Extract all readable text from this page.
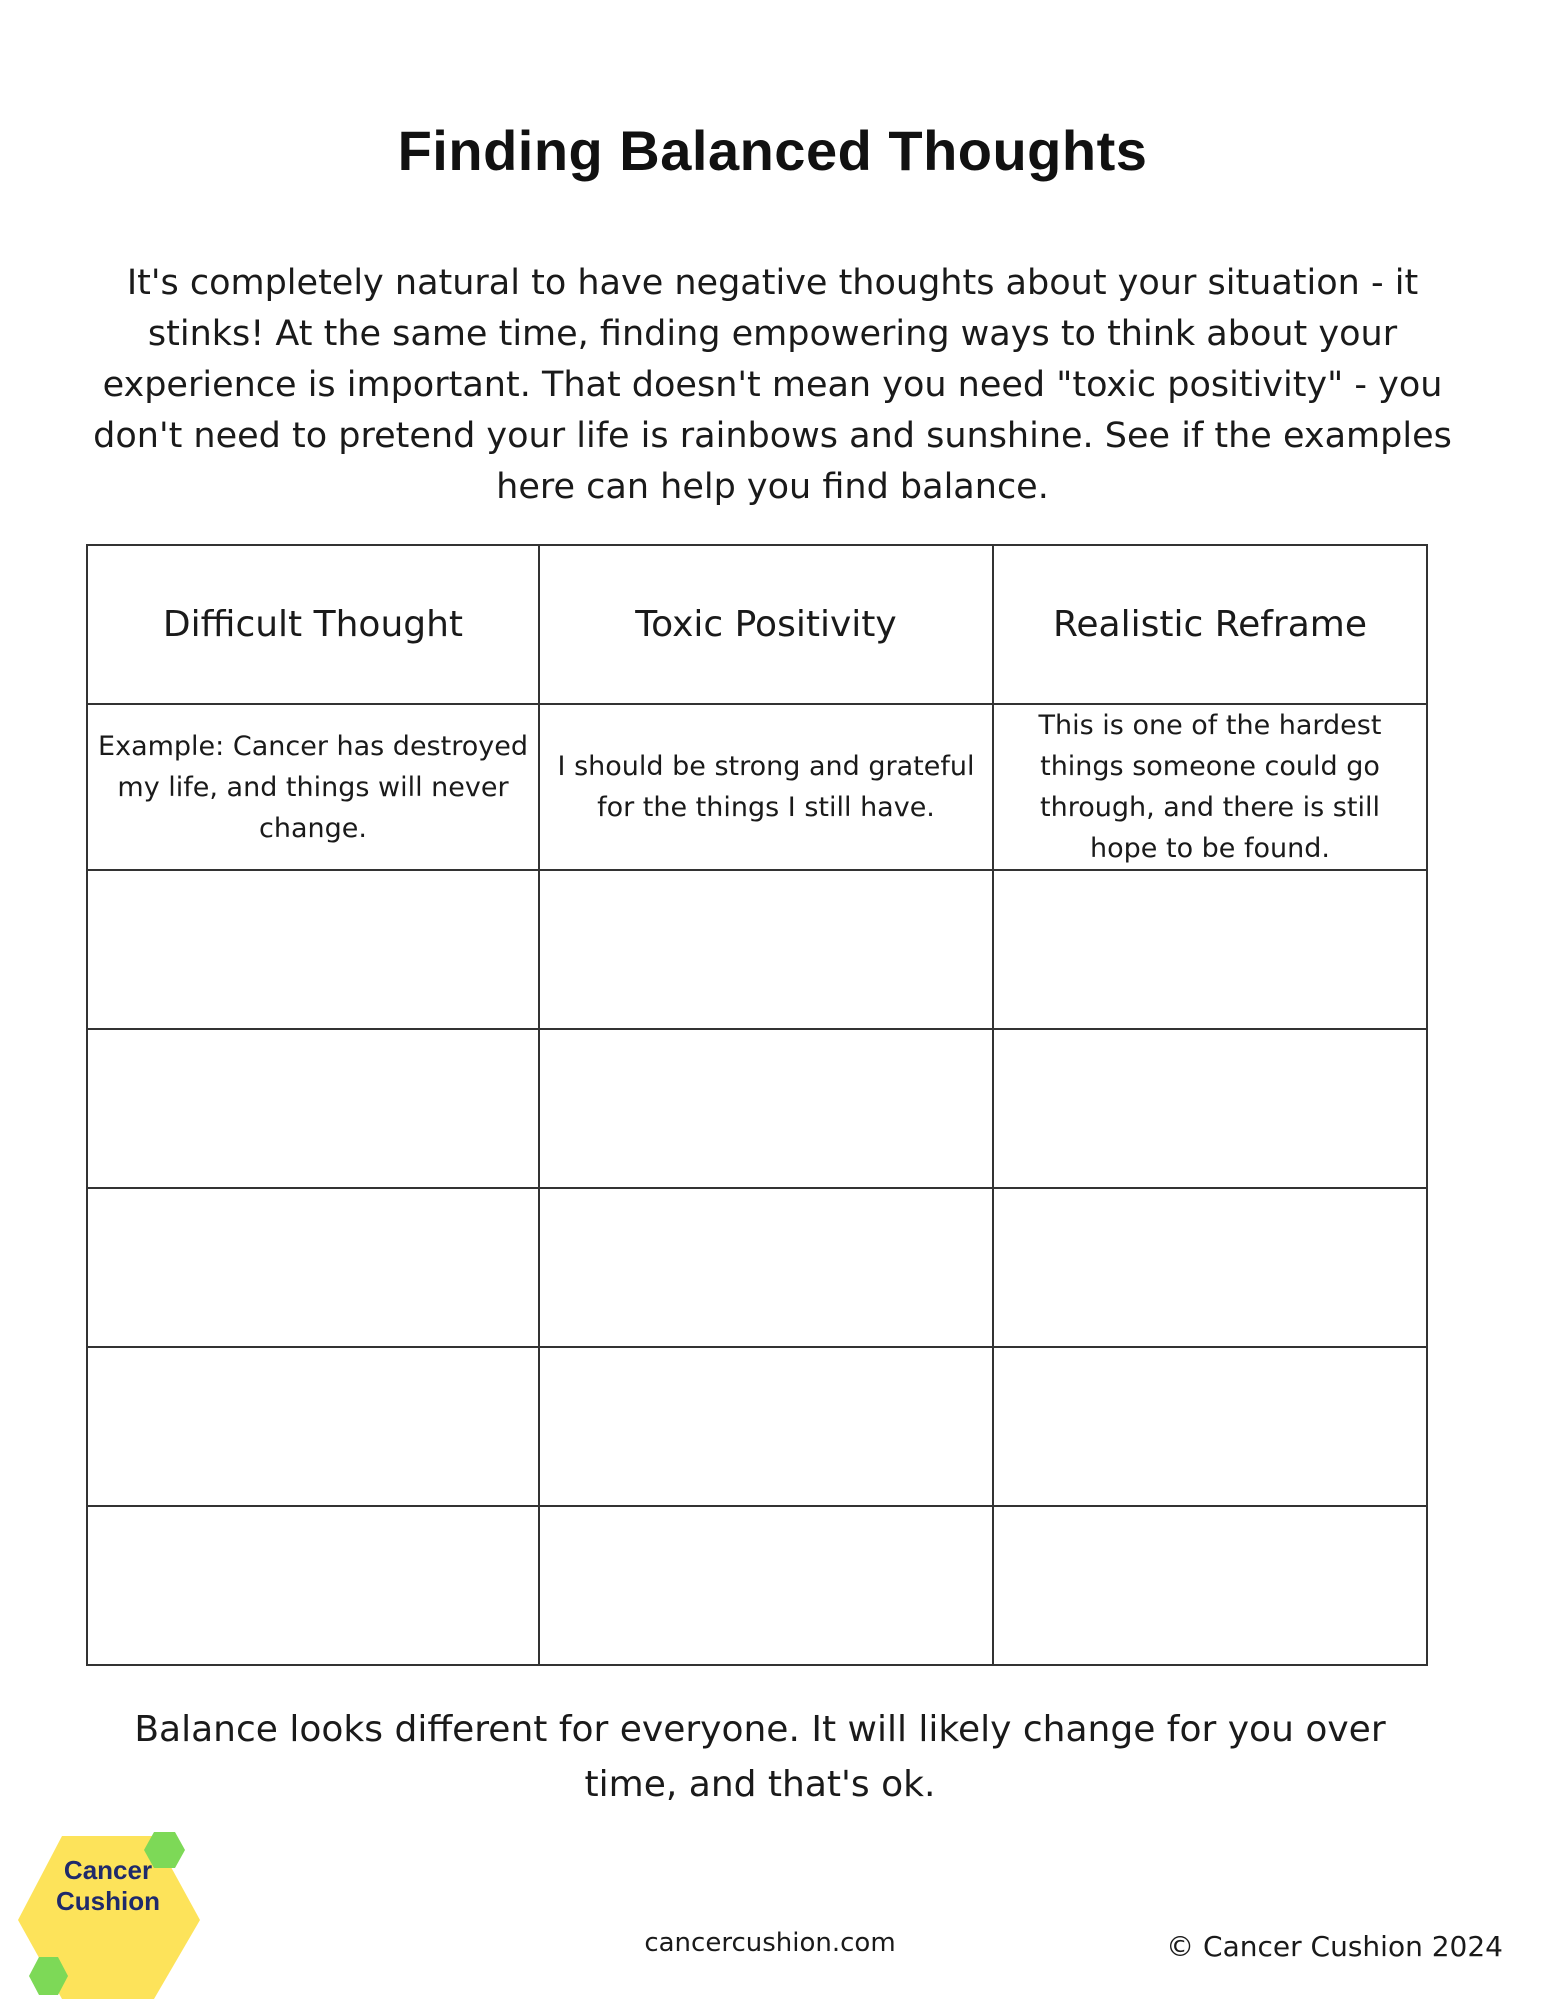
Finding Balanced Thoughts

It's completely natural to have negative thoughts about your situation - it stinks! At the same time, finding empowering ways to think about your experience is important. That doesn't mean you need "toxic positivity" - you don't need to pretend your life is rainbows and sunshine. See if the examples here can help you find balance.

Difficult Thought	Toxic Positivity	Realistic Reframe
Example: Cancer has destroyed my life, and things will never change.	I should be strong and grateful for the things I still have.	This is one of the hardest things someone could go through, and there is still hope to be found.

Balance looks different for everyone. It will likely change for you over time, and that's ok.

Cancer
Cushion
cancercushion.com	© Cancer Cushion 2024
